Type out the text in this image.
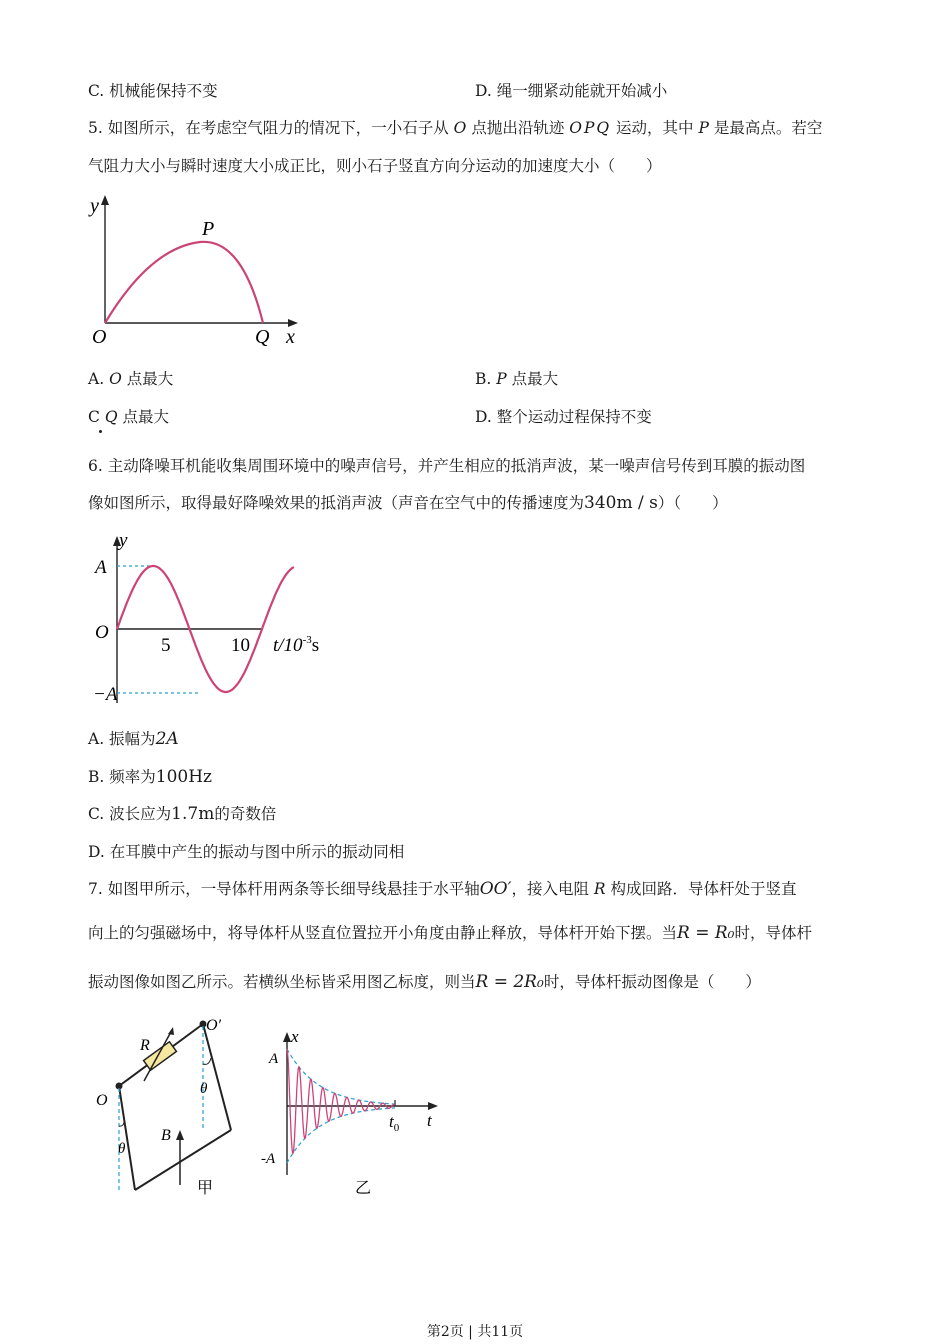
C. 机械能保持不变	D. 绳一绷紧动能就开始减小
5. 如图所示，在考虑空气阻力的情况下，一小石子从 O 点抛出沿轨迹 OPQ 运动，其中 P 是最高点。若空
气阻力大小与瞬时速度大小成正比，则小石子竖直方向分运动的加速度大小（　　）
y
x
O
P
Q
A. O 点最大	B. P 点最大
C Q 点最大	D. 整个运动过程保持不变
6. 主动降噪耳机能收集周围环境中的噪声信号，并产生相应的抵消声波，某一噪声信号传到耳膜的振动图
像如图所示，取得最好降噪效果的抵消声波（声音在空气中的传播速度为340m / s）（　　）
y
A
−A
O
5	10 $t/10^{-3}s$
A. 振幅为2A
B. 频率为100Hz
C. 波长应为1.7m的奇数倍
D. 在耳膜中产生的振动与图中所示的振动同相
7. 如图甲所示，一导体杆用两条等长细导线悬挂于水平轴OO′，接入电阻 R 构成回路．导体杆处于竖直
向上的匀强磁场中，将导体杆从竖直位置拉开小角度由静止释放，导体杆开始下摆。当R = R₀时，导体杆
振动图像如图乙所示。若横纵坐标皆采用图乙标度，则当R = 2R₀时，导体杆振动图像是（　　）
R
O
O′
θ
θ
B
甲
x
A
-A
$t_0$ t
乙
第2页 | 共11页
